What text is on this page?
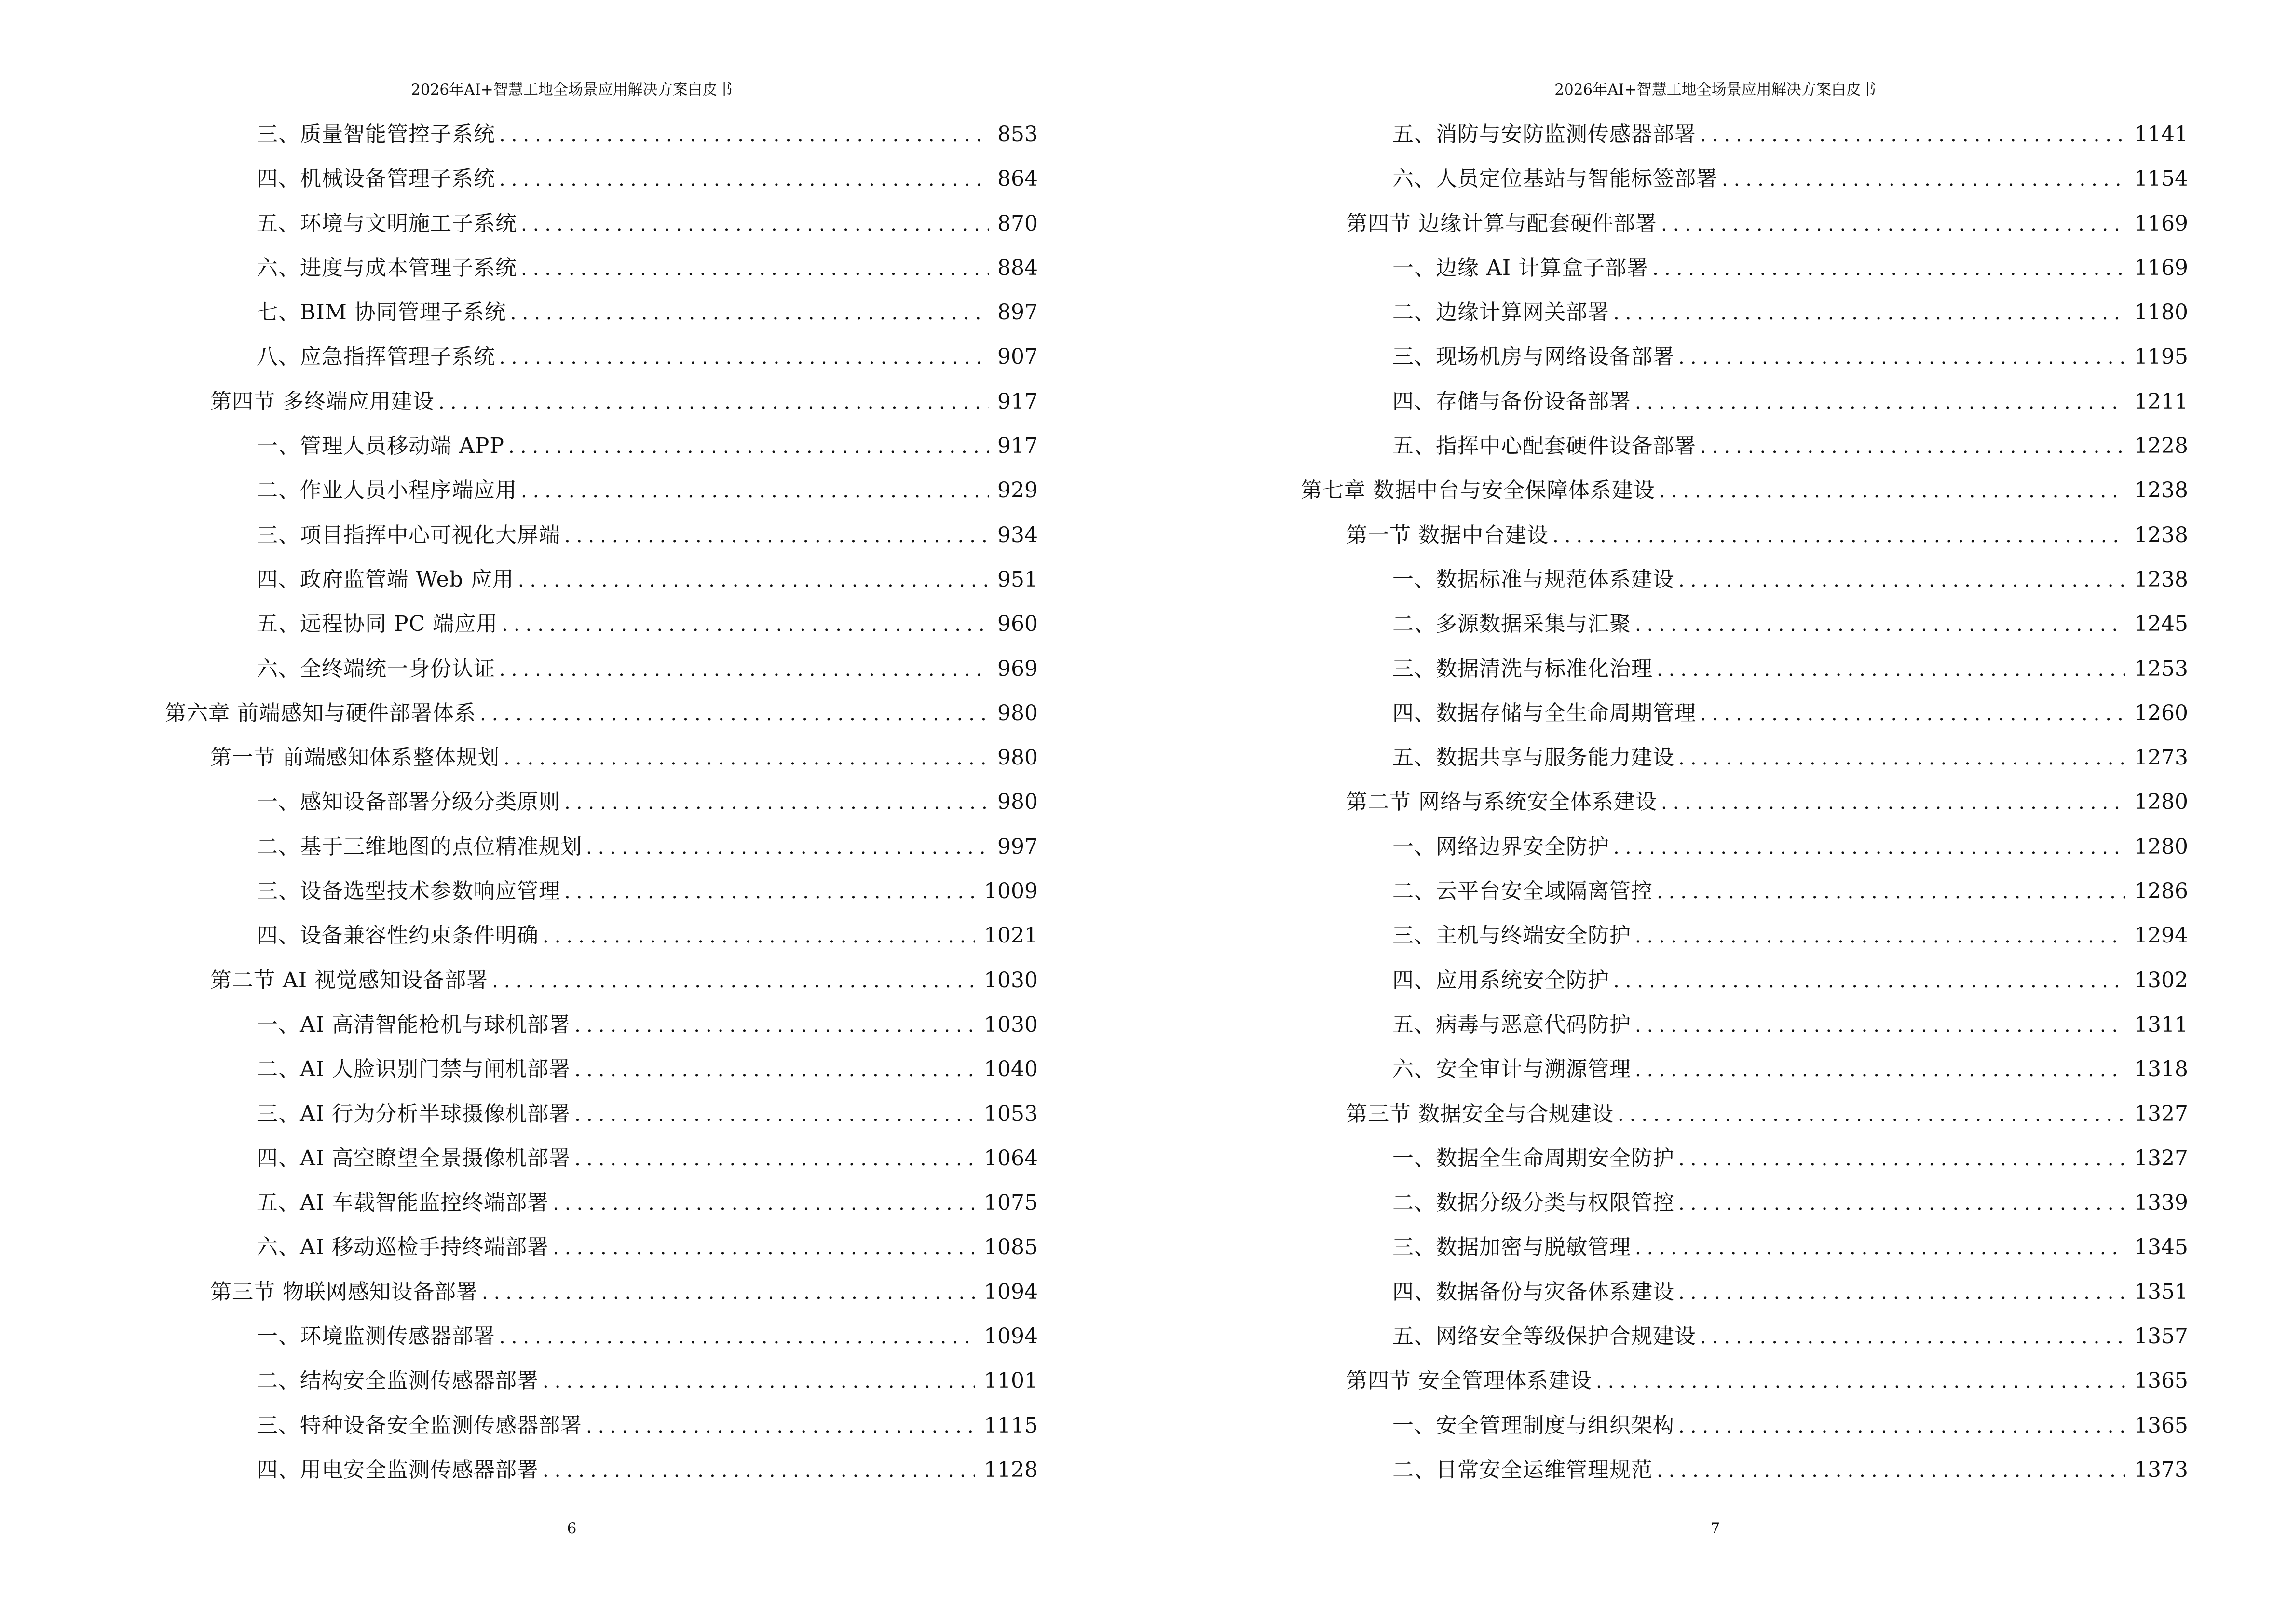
2026年AI+智慧工地全场景应用解决方案白皮书
三、质量智能管控子系统 .....	853
四、机械设备管理子系统 .....	864
五、环境与文明施工子系统 .....	870
六、进度与成本管理子系统 .....	884
七、BIM 协同管理子系统 .....	897
八、应急指挥管理子系统 .....	907
第四节 多终端应用建设 .....	917
一、管理人员移动端 APP .....	917
二、作业人员小程序端应用 .....	929
三、项目指挥中心可视化大屏端 .....	934
四、政府监管端 Web 应用 .....	951
五、远程协同 PC 端应用 .....	960
六、全终端统一身份认证 .....	969
第六章 前端感知与硬件部署体系 .....	980
第一节 前端感知体系整体规划 .....	980
一、感知设备部署分级分类原则 .....	980
二、基于三维地图的点位精准规划 .....	997
三、设备选型技术参数响应管理 .....	1009
四、设备兼容性约束条件明确 .....	1021
第二节 AI 视觉感知设备部署 .....	1030
一、AI 高清智能枪机与球机部署 .....	1030
二、AI 人脸识别门禁与闸机部署 .....	1040
三、AI 行为分析半球摄像机部署 .....	1053
四、AI 高空瞭望全景摄像机部署 .....	1064
五、AI 车载智能监控终端部署 .....	1075
六、AI 移动巡检手持终端部署 .....	1085
第三节 物联网感知设备部署 .....	1094
一、环境监测传感器部署 .....	1094
二、结构安全监测传感器部署 .....	1101
三、特种设备安全监测传感器部署 .....	1115
四、用电安全监测传感器部署 .....	1128
6
2026年AI+智慧工地全场景应用解决方案白皮书
五、消防与安防监测传感器部署 .....	1141
六、人员定位基站与智能标签部署 .....	1154
第四节 边缘计算与配套硬件部署 .....	1169
一、边缘 AI 计算盒子部署 .....	1169
二、边缘计算网关部署 .....	1180
三、现场机房与网络设备部署 .....	1195
四、存储与备份设备部署 .....	1211
五、指挥中心配套硬件设备部署 .....	1228
第七章 数据中台与安全保障体系建设 .....	1238
第一节 数据中台建设 .....	1238
一、数据标准与规范体系建设 .....	1238
二、多源数据采集与汇聚 .....	1245
三、数据清洗与标准化治理 .....	1253
四、数据存储与全生命周期管理 .....	1260
五、数据共享与服务能力建设 .....	1273
第二节 网络与系统安全体系建设 .....	1280
一、网络边界安全防护 .....	1280
二、云平台安全域隔离管控 .....	1286
三、主机与终端安全防护 .....	1294
四、应用系统安全防护 .....	1302
五、病毒与恶意代码防护 .....	1311
六、安全审计与溯源管理 .....	1318
第三节 数据安全与合规建设 .....	1327
一、数据全生命周期安全防护 .....	1327
二、数据分级分类与权限管控 .....	1339
三、数据加密与脱敏管理 .....	1345
四、数据备份与灾备体系建设 .....	1351
五、网络安全等级保护合规建设 .....	1357
第四节 安全管理体系建设 .....	1365
一、安全管理制度与组织架构 .....	1365
二、日常安全运维管理规范 .....	1373
7
